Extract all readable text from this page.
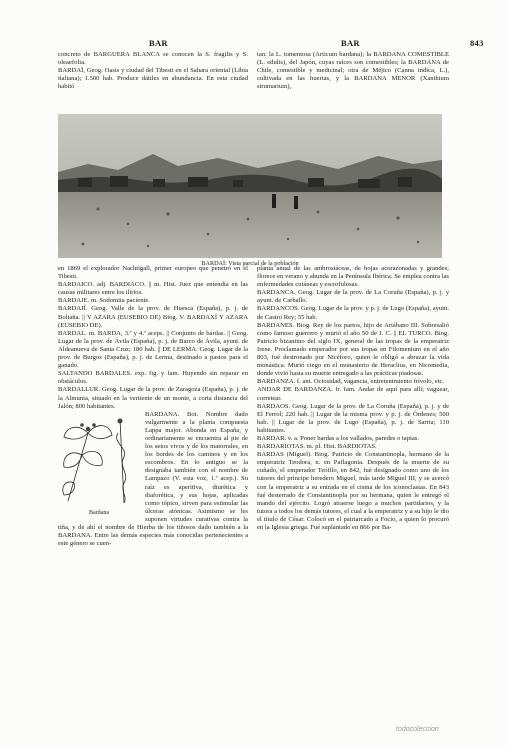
BAR	BAR	843

concreto de BARGUERA BLANCA se conocen la S. fragilis y S. oleaefolia.

BARDAÏ, Geog. Oasis y ciudad del Tibesti en el Sahara oriental (Libia italiana); 1.500 hab. Produce dátiles en abundancia. En esta ciudad habitó

tan: la L. tomentosa (Articum bardana); la BARDANA COMESTIBLE (L. edulis), del Japón, cuyas raíces son comestibles; la BARDANA de Chile, comestible y medicinal; otra de Méjico (Canna indica, L.), cultivada en las huertas, y la BARDANA MENOR (Xanthium strumarium),

BARDAÏ: Vista parcial de la población

en 1869 el explorador Nachtigall, primer europeo que penetró en el Tibesti.

BARDAICO. adj. BARDIACO. || m. Hist. Juez que entendía en las causas militares entre los ilirios.

BARDAJE. m. Sodomita paciente.

BARDAJÍ. Geog. Valle de la prov. de Huesca (España), p. j. de Boltaña. || Y AZARA (EUSEBIO DE) Biog. V. BARDAXÍ Y AZARA (EUSEBIO DE).

BARDAL. m. BARDA, 3.ª y 4.ª aceps. || Conjunto de bardas. || Geog. Lugar de la prov. de Ávila (España), p. j. de Barco de Ávila, ayunt. de Aldeanueva de Santa Cruz; 180 hab. || DE LERMA. Geog. Lugar de la prov. de Burgos (España), p. j. de Lerma, destinado a pastos para el ganado.

SALTANDO BARDALES. exp. fig. y fam. Huyendo sin reparar en obstáculos.

BARDALLUR. Geog. Lugar de la prov. de Zaragoza (España), p. j. de la Almunia, situado en la vertiente de un monte, a corta distancia del Jalón; 800 habitantes.

Bardana

BARDANA. Bot. Nombre dado vulgarmente a la planta compuesta Lappa major. Abunda en España, y ordinariamente se encuentra al pie de los setos vivos y de los matorrales, en los bordes de los caminos y en los escombros. En lo antiguo se la designaba también con el nombre de Lampazo (V. esta voz, 1.ª acep.). Su raíz es aperitiva, diurética y diaforética, y sus hojas, aplicadas como tópico, sirven para estimular las úlceras atónicas. Asimismo se les suponen virtudes curativas contra la tiña, y de ahí el nombre de Hierba de los tiñosos dado también a la BARDANA. Entre las demás especies más conocidas pertenecientes a este género se cuen-

planta anual de las ambrosiáceas, de hojas acorazonadas y grandes; florece en verano y abunda en la Península Ibérica. Se emplea contra las enfermedades cutáneas y escrofulosas.

BARDANCA. Geog. Lugar de la prov. de La Coruña (España), p. j. y ayunt. de Carballo.

BARDANCOS. Geog. Lugar de la prov. y p. j. de Lugo (España), ayunt. de Castro Rey; 55 hab.

BARDANES. Biog. Rey de los partos, hijo de Artábano III. Sobresalió como famoso guerrero y murió el año 50 de J. C. || EL TURCO. Biog. Patricio bizantino del siglo IX, general de las tropas de la emperatriz Irene. Proclamado emperador por sus tropas en Filomenium en el año 803, fué destronado por Nicéforo, quien le obligó a abrazar la vida monástica. Murió ciego en el monasterio de Heraclius, en Nicomedia, donde vivió hasta su muerte entregado a las prácticas piadosas.

BARDANZA. f. ant. Ociosidad, vagancia, entretenimiento frívolo, etc.

ANDAR DE BARDANZA. fr. fam. Andar de aquí para allí; vaguear, corretear.

BARDAOS. Geog. Lugar de la prov. de La Coruña (España), p. j. y de El Ferrol; 220 hab. || Lugar de la misma prov. y p. j. de Órdenes; 500 hab. || Lugar de la prov. de Lugo (España), p. j. de Sarria; 110 habitantes.

BARDAR. v. a. Poner bardas a los vallados, paredes o tapias.

BARDARIOTAS. m. pl. Hist. BARDIOTAS.

BARDAS (Miguel). Biog. Patricio de Constantinopla, hermano de la emperatriz Teodora, n. en Paflagonia. Después de la muerte de su cuñado, el emperador Teófilo, en 842, fué designado como uno de los tutores del príncipe heredero Miguel, más tarde Miguel III, y se acercó con la emperatriz a su entrada en el cisma de los iconoclastas. En 843 fué desterrado de Constantinopla por su hermana, quien le entregó el mando del ejército. Logró atraerse luego a muchos partidarios, y la tutora a todos los demás tutores, el cual a la emperatriz y a su hijo le dio el título de César. Colocó en el patriarcado a Focio, a quien lo procuró en la Iglesia griega. Fué suplantado en 866 por Ba-

todocoleccion
